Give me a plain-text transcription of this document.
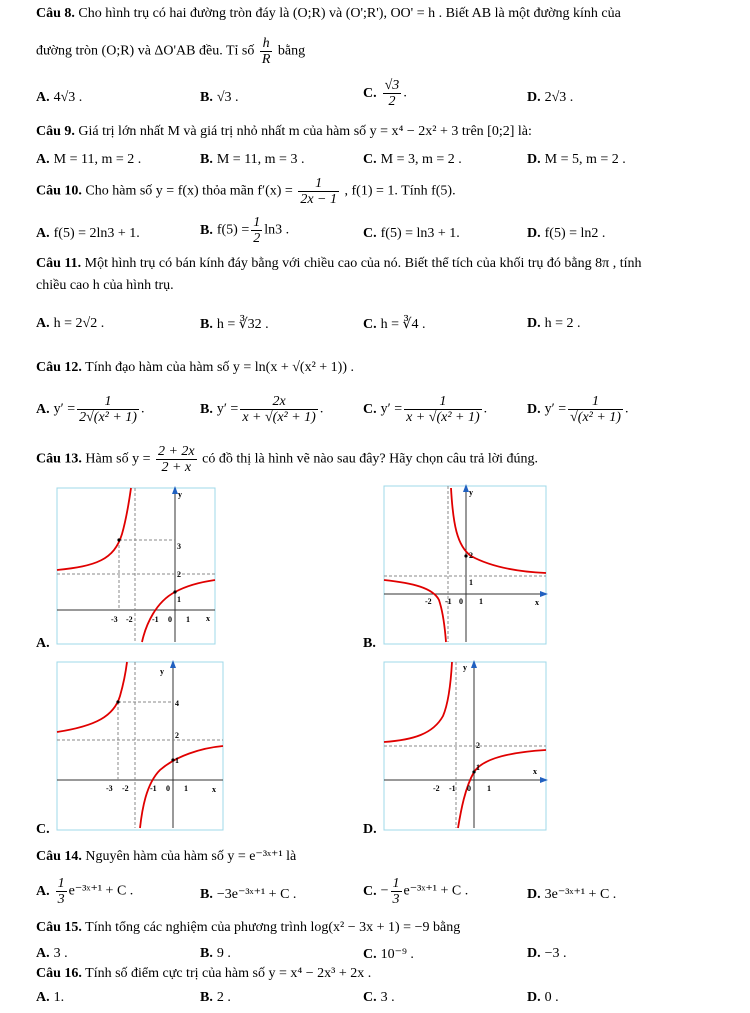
Câu 8. Cho hình trụ có hai đường tròn đáy là (O;R) và (O';R'), OO' = h . Biết AB là một đường kính của
đường tròn (O;R) và ΔO'AB đều. Tỉ số $\frac{h}{R}$ bằng
A. 4√3 .	B. √3 .	C. $\frac{√3}{2}$ .	D. 2√3 .
Câu 9. Giá trị lớn nhất M và giá trị nhỏ nhất m của hàm số y = x⁴ − 2x² + 3 trên [0;2] là:
A. M = 11, m = 2 .	B. M = 11, m = 3 .	C. M = 3, m = 2 .	D. M = 5, m = 2 .
Câu 10. Cho hàm số y = f(x) thỏa mãn $f'(x) = \frac{1}{2x - 1}$ , f(1) = 1. Tính f(5).
A. f(5) = 2ln3 + 1.	B. $f(5) = \frac{1}{2} \ln 3$ .	C. f(5) = ln3 + 1.	D. f(5) = ln2 .
Câu 11. Một hình trụ có bán kính đáy bằng với chiều cao của nó. Biết thể tích của khối trụ đó bằng 8π , tính
chiều cao h của hình trụ.
A. h = 2√2 .	B. h = ∛32 .	C. h = ∛4 .	D. h = 2 .
Câu 12. Tính đạo hàm của hàm số y = ln(x + √(x² + 1)) .
A. $y' = \frac{1}{\text{2√(x² + 1)}}$ .	B. $y' = \frac{2x}{\text{x + √(x² + 1)}}$ .	C. $y' = \frac{1}{\text{x + √(x² + 1)}}$ .	D. $y' = \frac{1}{\text{√(x² + 1)}}$ .
Câu 13. Hàm số $y = \frac{2 + 2x}{2 + x}$ có đồ thị là hình vẽ nào sau đây? Hãy chọn câu trả lời đúng.
A.
y
x
3
2
1
-3 -2 -1 0 1
B.
y
x
2
1
-2 -1 0 1
C.
y
x
4
2
1
-3 -2	-1 0 1
D.
y
x
2
1
-2 -1 0 1
Câu 14. Nguyên hàm của hàm số y = e⁻³ˣ⁺¹ là
A. $\frac{1}{3}$ e⁻³ˣ⁺¹ + C .	B. −3e⁻³ˣ⁺¹ + C .	C. − $\frac{1}{3}$ e⁻³ˣ⁺¹ + C .	D. 3e⁻³ˣ⁺¹ + C .
Câu 15. Tính tổng các nghiệm của phương trình log(x² − 3x + 1) = −9 bằng
A. 3 .	B. 9 .	C. 10⁻⁹ .	D. −3 .
Câu 16. Tính số điểm cực trị của hàm số y = x⁴ − 2x³ + 2x .
A. 1.	B. 2 .	C. 3 .	D. 0 .
